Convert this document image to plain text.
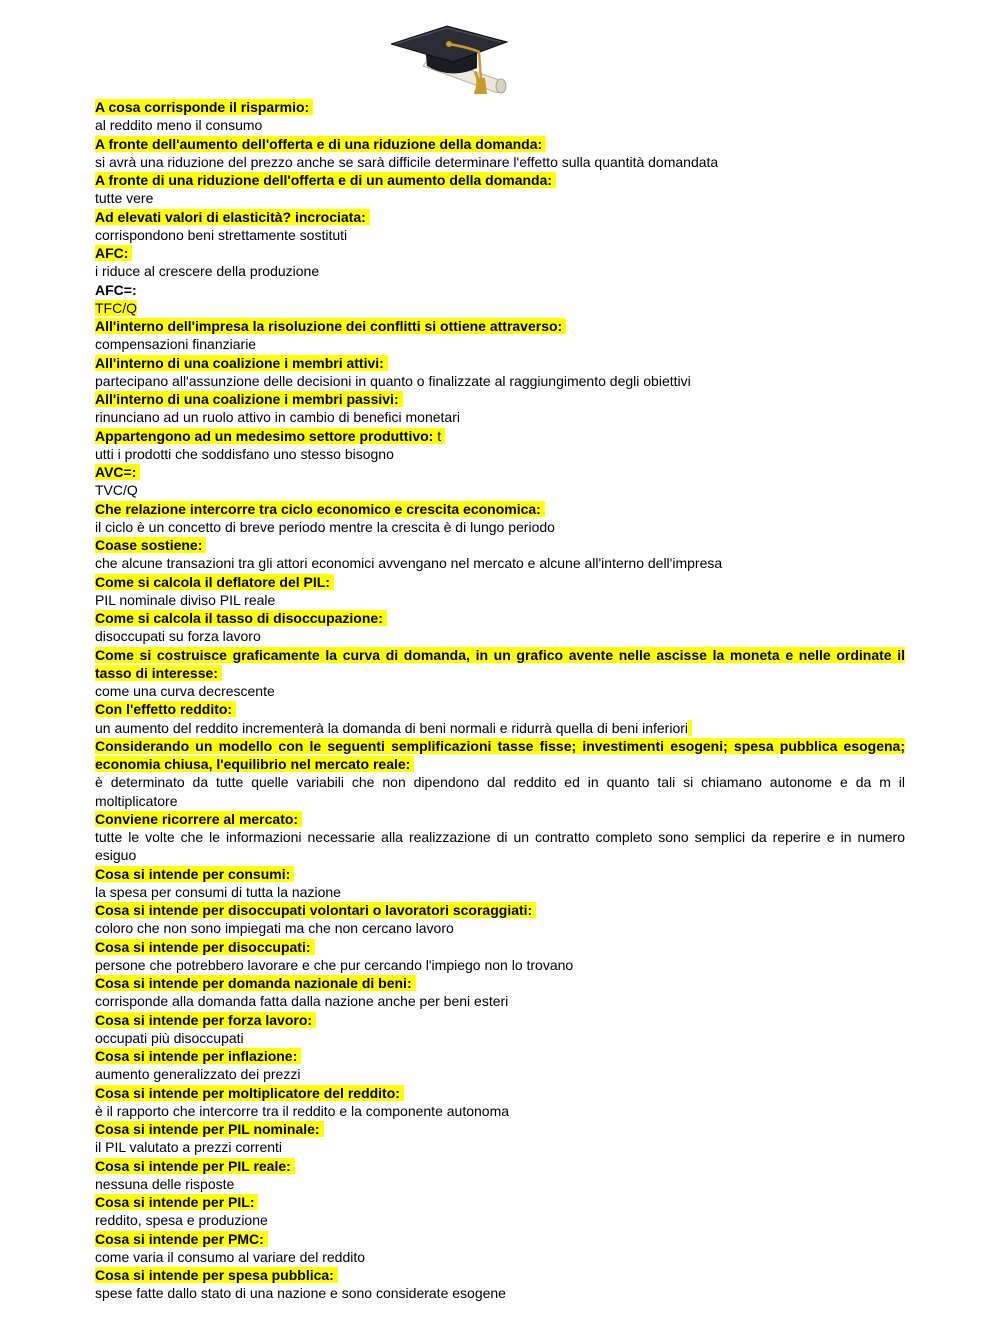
A cosa corrisponde il risparmio:
al reddito meno il consumo
A fronte dell'aumento dell'offerta e di una riduzione della domanda:
si avrà una riduzione del prezzo anche se sarà difficile determinare l'effetto sulla quantità domandata
A fronte di una riduzione dell'offerta e di un aumento della domanda:
tutte vere
Ad elevati valori di elasticità? incrociata:
corrispondono beni strettamente sostituti
AFC:
i riduce al crescere della produzione
AFC=:
TFC/Q
All'interno dell'impresa la risoluzione dei conflitti si ottiene attraverso:
compensazioni finanziarie
All'interno di una coalizione i membri attivi:
partecipano all'assunzione delle decisioni in quanto o finalizzate al raggiungimento degli obiettivi
All'interno di una coalizione i membri passivi:
rinunciano ad un ruolo attivo in cambio di benefici monetari
Appartengono ad un medesimo settore produttivo: t
utti i prodotti che soddisfano uno stesso bisogno
AVC=:
TVC/Q
Che relazione intercorre tra ciclo economico e crescita economica:
il ciclo è un concetto di breve periodo mentre la crescita è di lungo periodo
Coase sostiene:
che alcune transazioni tra gli attori economici avvengano nel mercato e alcune all'interno dell'impresa
Come si calcola il deflatore del PIL:
PIL nominale diviso PIL reale
Come si calcola il tasso di disoccupazione:
disoccupati su forza lavoro
Come si costruisce graficamente la curva di domanda, in un grafico avente nelle ascisse la moneta e nelle ordinate il tasso di interesse:
come una curva decrescente
Con l'effetto reddito:
un aumento del reddito incrementerà la domanda di beni normali e ridurrà quella di beni inferiori
Considerando un modello con le seguenti semplificazioni tasse fisse; investimenti esogeni; spesa pubblica esogena; economia chiusa, l'equilibrio nel mercato reale:
è determinato da tutte quelle variabili che non dipendono dal reddito ed in quanto tali si chiamano autonome e da m il moltiplicatore
Conviene ricorrere al mercato:
tutte le volte che le informazioni necessarie alla realizzazione di un contratto completo sono semplici da reperire e in numero esiguo
Cosa si intende per consumi:
la spesa per consumi di tutta la nazione
Cosa si intende per disoccupati volontari o lavoratori scoraggiati:
coloro che non sono impiegati ma che non cercano lavoro
Cosa si intende per disoccupati:
persone che potrebbero lavorare e che pur cercando l'impiego non lo trovano
Cosa si intende per domanda nazionale di beni:
corrisponde alla domanda fatta dalla nazione anche per beni esteri
Cosa si intende per forza lavoro:
occupati più disoccupati
Cosa si intende per inflazione:
aumento generalizzato dei prezzi
Cosa si intende per moltiplicatore del reddito:
è il rapporto che intercorre tra il reddito e la componente autonoma
Cosa si intende per PIL nominale:
il PIL valutato a prezzi correnti
Cosa si intende per PIL reale:
nessuna delle risposte
Cosa si intende per PIL:
reddito, spesa e produzione
Cosa si intende per PMC:
come varia il consumo al variare del reddito
Cosa si intende per spesa pubblica:
spese fatte dallo stato di una nazione e sono considerate esogene
